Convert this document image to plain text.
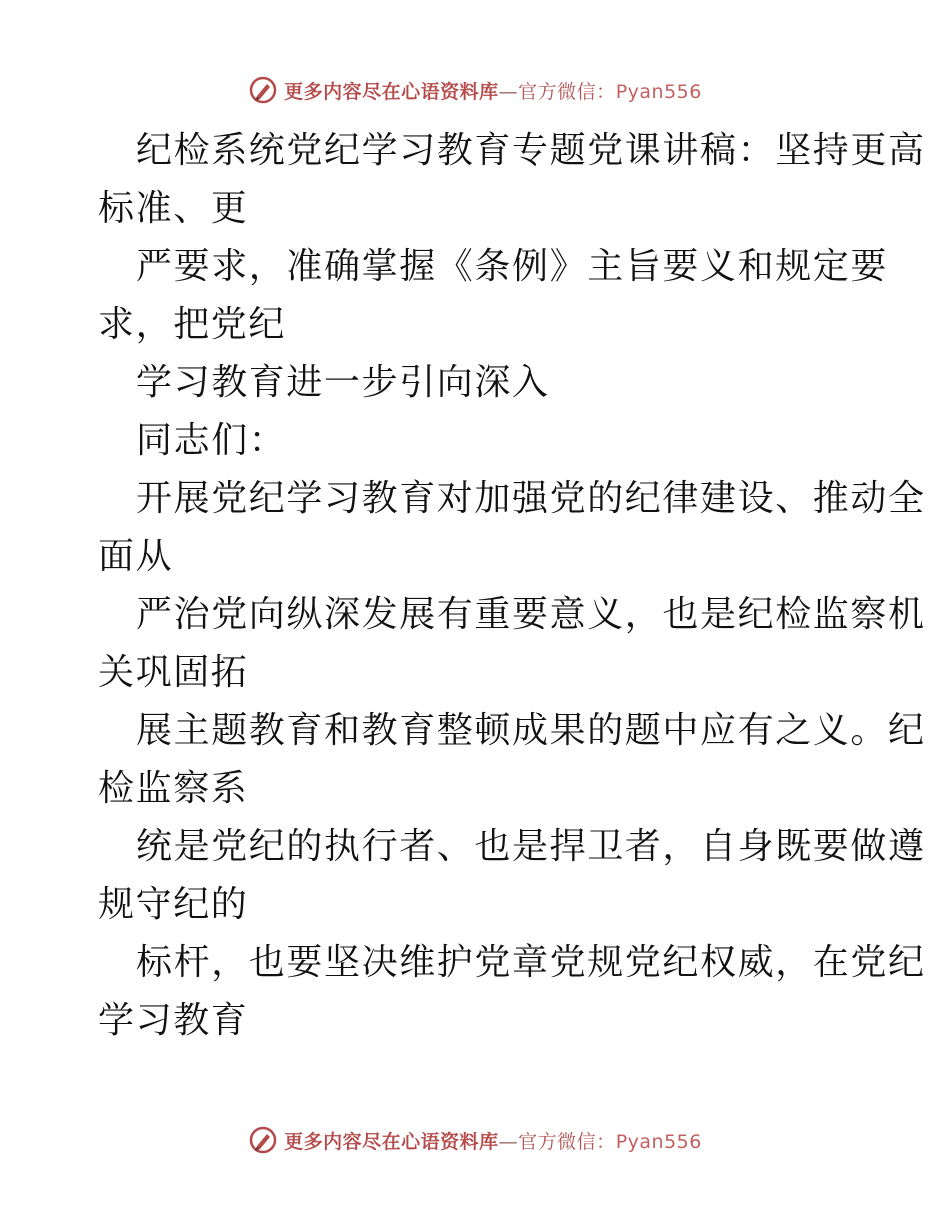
更多内容尽在心语资料库—官方微信：Pyan556
纪检系统党纪学习教育专题党课讲稿：坚持更高
标准、更
严要求，准确掌握《条例》主旨要义和规定要
求，把党纪
学习教育进一步引向深入
同志们：
开展党纪学习教育对加强党的纪律建设、推动全
面从
严治党向纵深发展有重要意义，也是纪检监察机
关巩固拓
展主题教育和教育整顿成果的题中应有之义。纪
检监察系
统是党纪的执行者、也是捍卫者，自身既要做遵
规守纪的
标杆，也要坚决维护党章党规党纪权威，在党纪
学习教育
更多内容尽在心语资料库—官方微信：Pyan556
